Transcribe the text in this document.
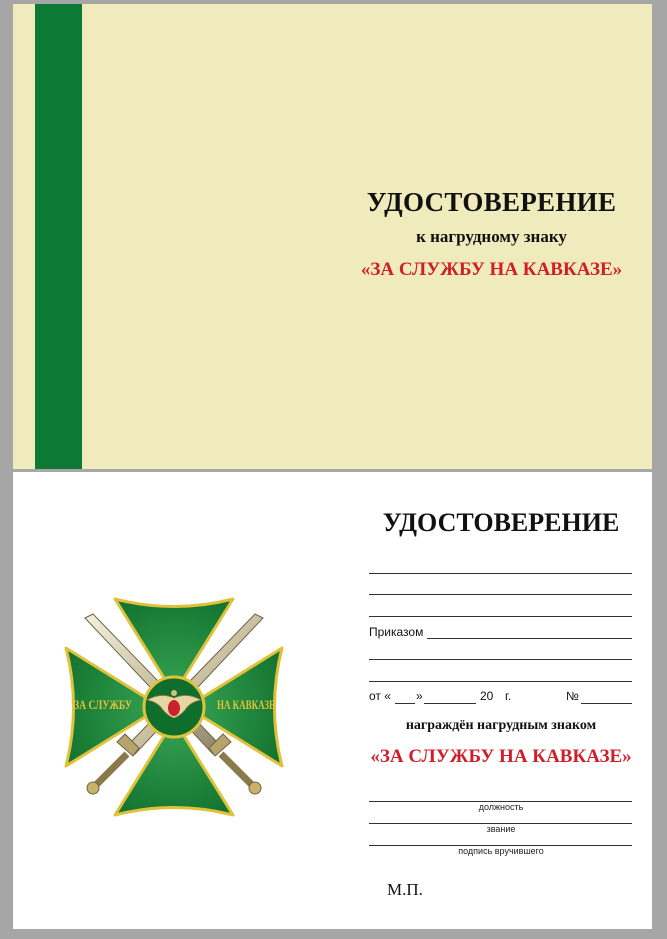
УДОСТОВЕРЕНИЕ
к нагрудному знаку
«ЗА СЛУЖБУ НА КАВКАЗЕ»
ЗА СЛУЖБУ	НА КАВКАЗЕ
УДОСТОВЕРЕНИЕ
Приказом
от « »	20 г.	№
награждён нагрудным знаком
«ЗА СЛУЖБУ НА КАВКАЗЕ»
должность
звание
подпись вручившего
М.П.
